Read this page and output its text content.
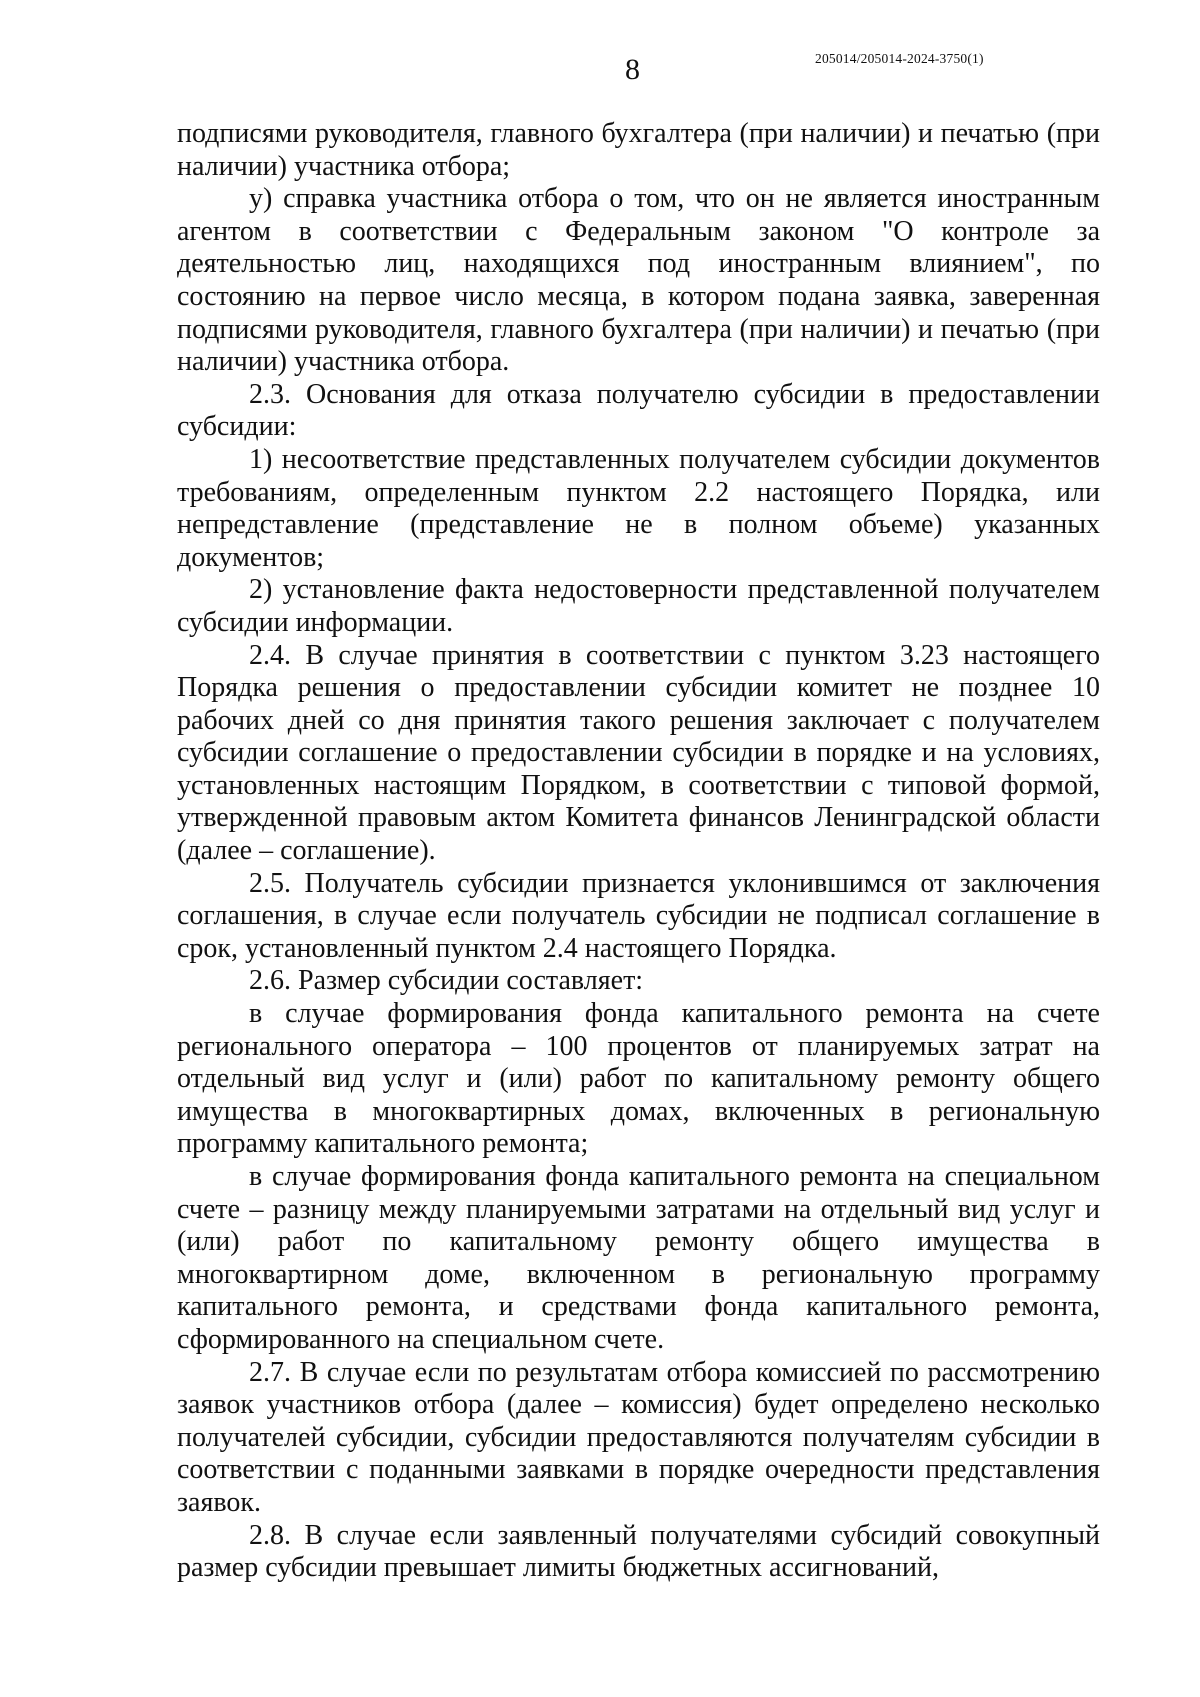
8	205014/205014-2024-3750(1)

подписями руководителя, главного бухгалтера (при наличии) и печатью (при наличии) участника отбора;

у) справка участника отбора о том, что он не является иностранным агентом в соответствии с Федеральным законом "О контроле за деятельностью лиц, находящихся под иностранным влиянием", по состоянию на первое число месяца, в котором подана заявка, заверенная подписями руководителя, главного бухгалтера (при наличии) и печатью (при наличии) участника отбора.

2.3. Основания для отказа получателю субсидии в предоставлении субсидии:

1) несоответствие представленных получателем субсидии документов требованиям, определенным пунктом 2.2 настоящего Порядка, или непредставление (представление не в полном объеме) указанных документов;

2) установление факта недостоверности представленной получателем субсидии информации.

2.4. В случае принятия в соответствии с пунктом 3.23 настоящего Порядка решения о предоставлении субсидии комитет не позднее 10 рабочих дней со дня принятия такого решения заключает с получателем субсидии соглашение о предоставлении субсидии в порядке и на условиях, установленных настоящим Порядком, в соответствии с типовой формой, утвержденной правовым актом Комитета финансов Ленинградской области (далее – соглашение).

2.5. Получатель субсидии признается уклонившимся от заключения соглашения, в случае если получатель субсидии не подписал соглашение в срок, установленный пунктом 2.4 настоящего Порядка.

2.6. Размер субсидии составляет:

в случае формирования фонда капитального ремонта на счете регионального оператора – 100 процентов от планируемых затрат на отдельный вид услуг и (или) работ по капитальному ремонту общего имущества в многоквартирных домах, включенных в региональную программу капитального ремонта;

в случае формирования фонда капитального ремонта на специальном счете – разницу между планируемыми затратами на отдельный вид услуг и (или) работ по капитальному ремонту общего имущества в многоквартирном доме, включенном в региональную программу капитального ремонта, и средствами фонда капитального ремонта, сформированного на специальном счете.

2.7. В случае если по результатам отбора комиссией по рассмотрению заявок участников отбора (далее – комиссия) будет определено несколько получателей субсидии, субсидии предоставляются получателям субсидии в соответствии с поданными заявками в порядке очередности представления заявок.

2.8. В случае если заявленный получателями субсидий совокупный размер субсидии превышает лимиты бюджетных ассигнований,
